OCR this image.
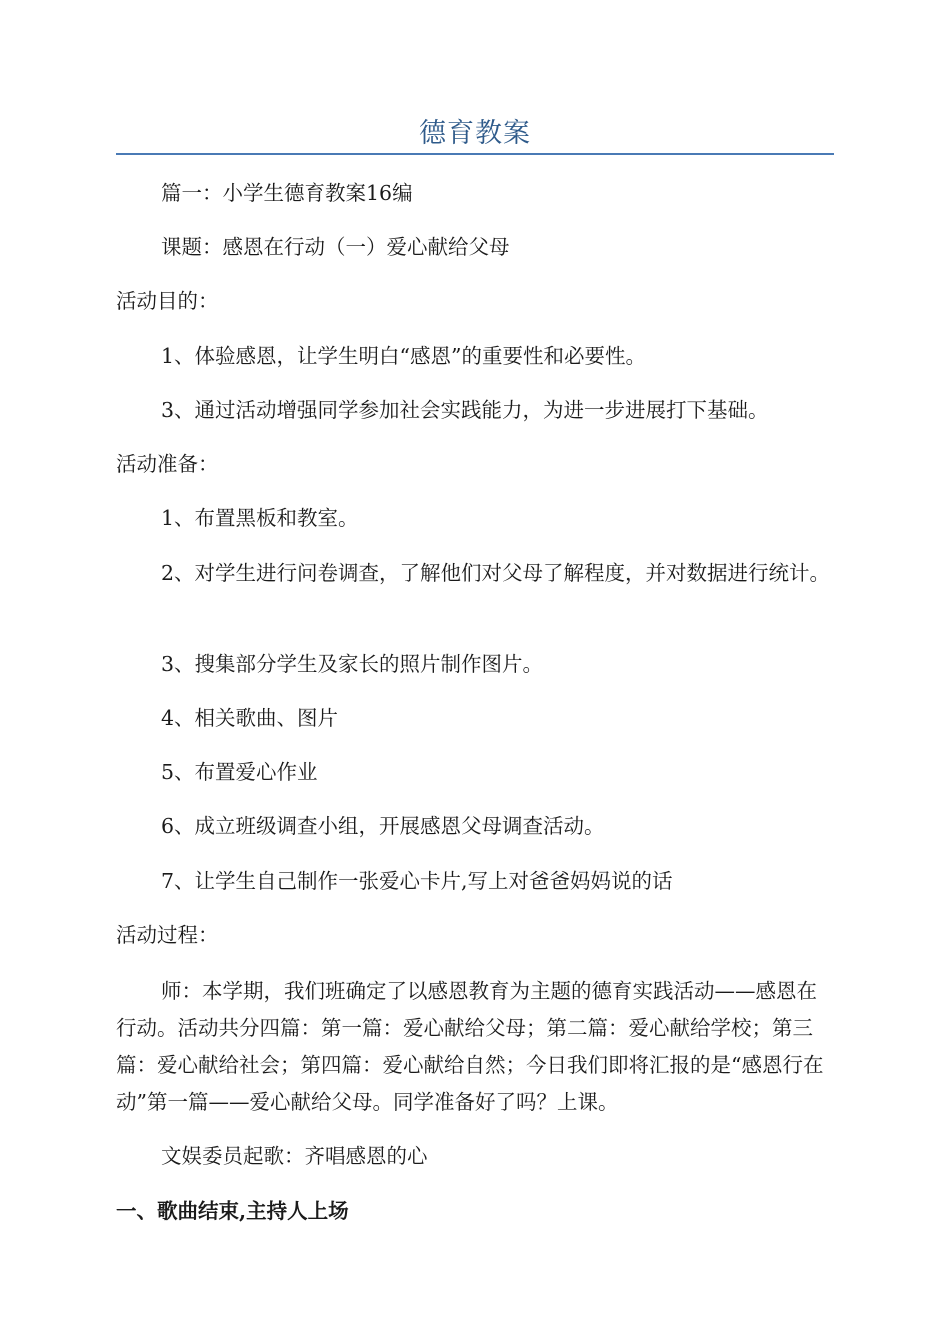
德育教案

篇一：小学生德育教案16编

课题：感恩在行动（一）爱心献给父母

活动目的：

1、体验感恩，让学生明白“感恩”的重要性和必要性。

3、通过活动增强同学参加社会实践能力，为进一步进展打下基础。

活动准备：

1、布置黑板和教室。

2、对学生进行问卷调查，了解他们对父母了解程度，并对数据进行统计。

3、搜集部分学生及家长的照片制作图片。

4、相关歌曲、图片

5、布置爱心作业

6、成立班级调查小组，开展感恩父母调查活动。

7、让学生自己制作一张爱心卡片,写上对爸爸妈妈说的话

活动过程：

师：本学期，我们班确定了以感恩教育为主题的德育实践活动——感恩在行动。活动共分四篇：第一篇：爱心献给父母；第二篇：爱心献给学校；第三篇：爱心献给社会；第四篇：爱心献给自然；今日我们即将汇报的是“感恩行在动”第一篇——爱心献给父母。同学准备好了吗？上课。

文娱委员起歌：齐唱感恩的心

一、歌曲结束,主持人上场
